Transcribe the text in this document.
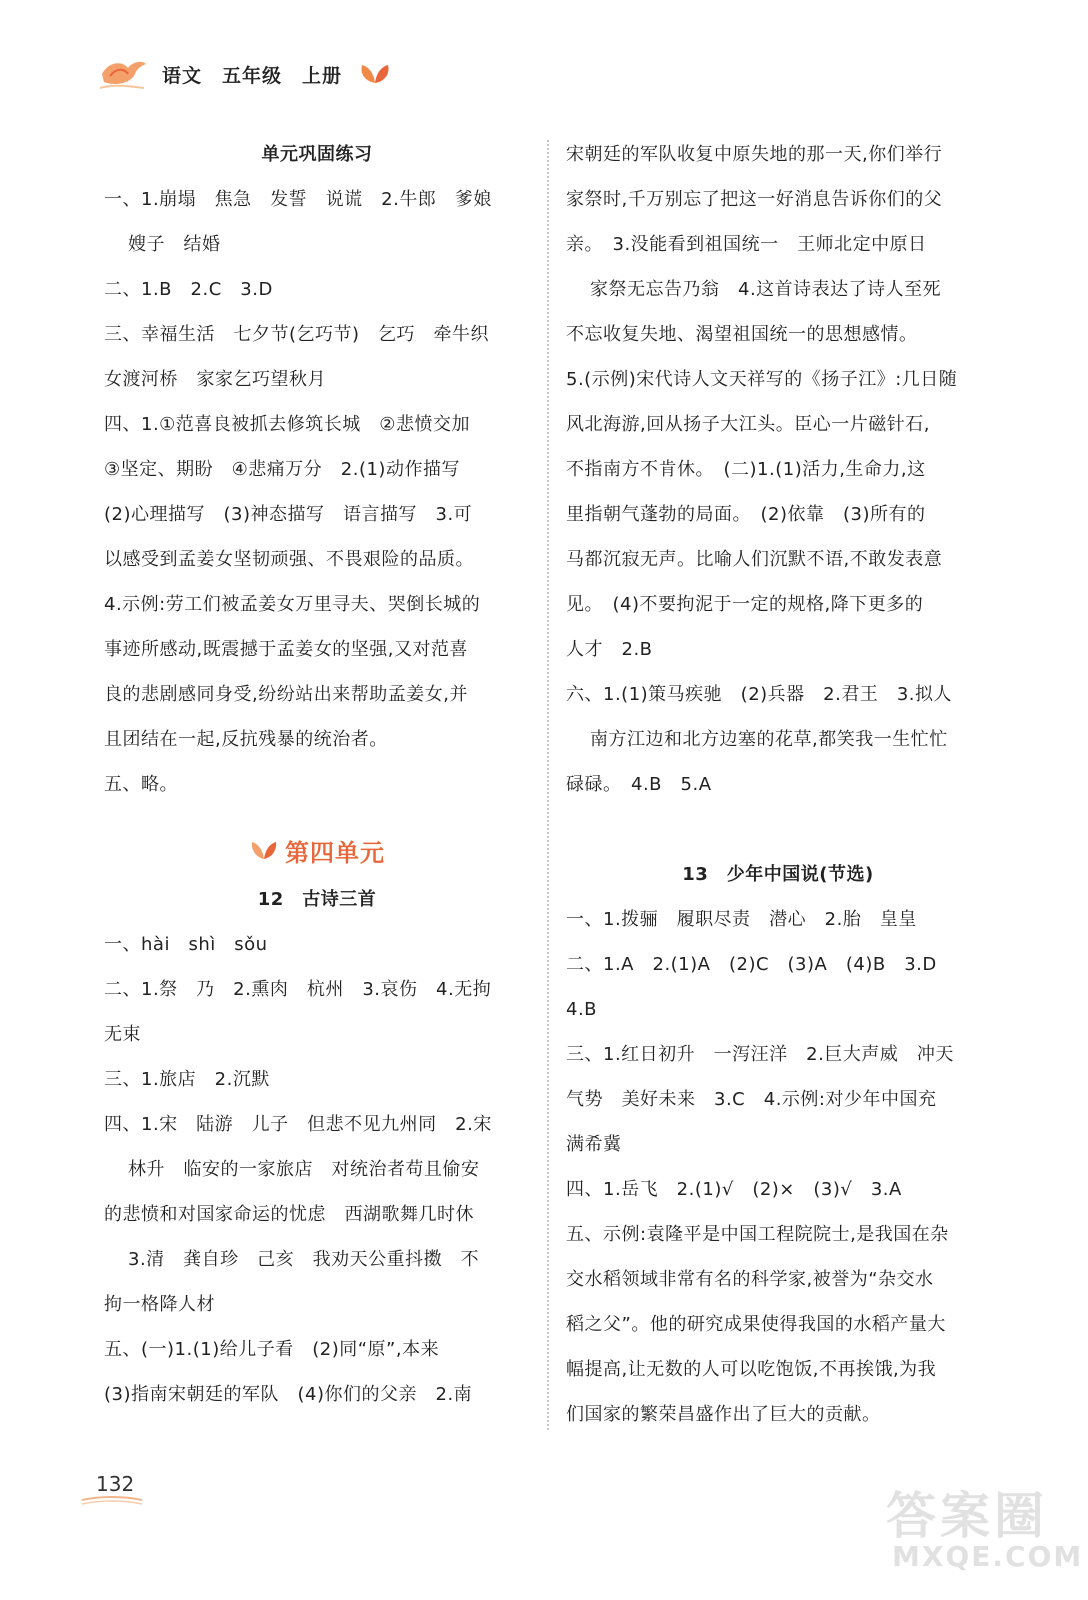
语文 五年级 上册
单元巩固练习
一、1.崩塌　焦急　发誓　说谎　2.牛郎　爹娘
嫂子　结婚
二、1.B　2.C　3.D
三、幸福生活　七夕节(乞巧节)　乞巧　牵牛织
女渡河桥　家家乞巧望秋月
四、1.①范喜良被抓去修筑长城　②悲愤交加
③坚定、期盼　④悲痛万分　2.(1)动作描写
(2)心理描写　(3)神态描写　语言描写　3.可
以感受到孟姜女坚韧顽强、不畏艰险的品质。
4.示例:劳工们被孟姜女万里寻夫、哭倒长城的
事迹所感动,既震撼于孟姜女的坚强,又对范喜
良的悲剧感同身受,纷纷站出来帮助孟姜女,并
且团结在一起,反抗残暴的统治者。
五、略。
第四单元
12　古诗三首
一、hài　shì　sǒu
二、1.祭　乃　2.熏肉　杭州　3.哀伤　4.无拘
无束
三、1.旅店　2.沉默
四、1.宋　陆游　儿子　但悲不见九州同　2.宋
林升　临安的一家旅店　对统治者苟且偷安
的悲愤和对国家命运的忧虑　西湖歌舞几时休
3.清　龚自珍　己亥　我劝天公重抖擞　不
拘一格降人材
五、(一)1.(1)给儿子看　(2)同“原”,本来
(3)指南宋朝廷的军队　(4)你们的父亲　2.南
宋朝廷的军队收复中原失地的那一天,你们举行
家祭时,千万别忘了把这一好消息告诉你们的父
亲。　3.没能看到祖国统一　王师北定中原日
家祭无忘告乃翁　4.这首诗表达了诗人至死
不忘收复失地、渴望祖国统一的思想感情。
5.(示例)宋代诗人文天祥写的《扬子江》:几日随
风北海游,回从扬子大江头。臣心一片磁针石,
不指南方不肯休。　(二)1.(1)活力,生命力,这
里指朝气蓬勃的局面。　(2)依靠　(3)所有的
马都沉寂无声。比喻人们沉默不语,不敢发表意
见。　(4)不要拘泥于一定的规格,降下更多的
人才　2.B
六、1.(1)策马疾驰　(2)兵器　2.君王　3.拟人
南方江边和北方边塞的花草,都笑我一生忙忙
碌碌。　4.B　5.A
13　少年中国说(节选)
一、1.拨骊　履职尽责　潜心　2.胎　皇皇
二、1.A　2.(1)A　(2)C　(3)A　(4)B　3.D
4.B
三、1.红日初升　一泻汪洋　2.巨大声威　冲天
气势　美好未来　3.C　4.示例:对少年中国充
满希冀
四、1.岳飞　2.(1)√　(2)×　(3)√　3.A
五、示例:袁隆平是中国工程院院士,是我国在杂
交水稻领域非常有名的科学家,被誉为“杂交水
稻之父”。他的研究成果使得我国的水稻产量大
幅提高,让无数的人可以吃饱饭,不再挨饿,为我
们国家的繁荣昌盛作出了巨大的贡献。
132
答案圈
MXQE.COM
